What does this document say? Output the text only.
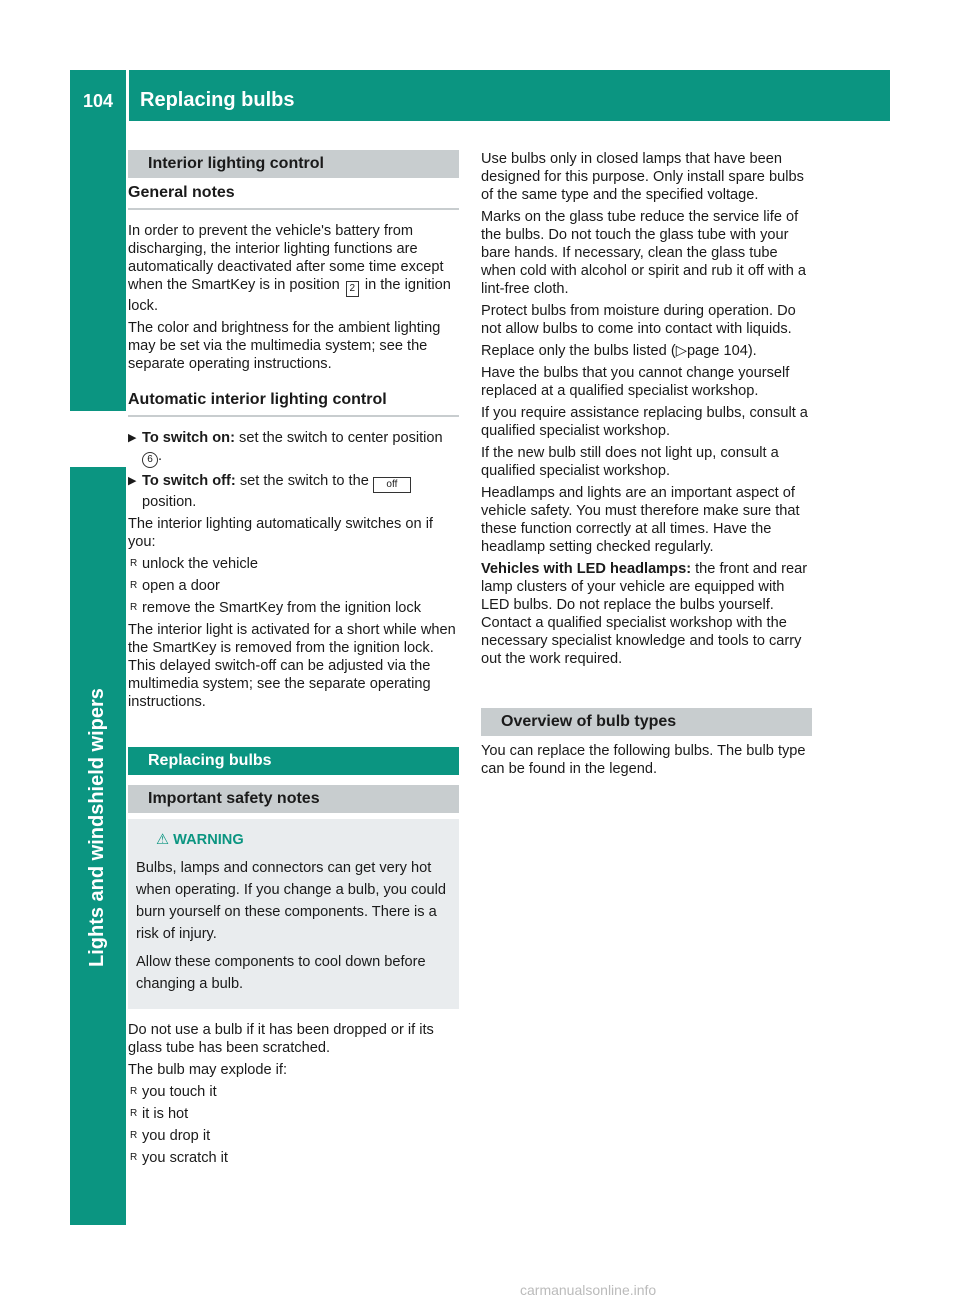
104	Replacing bulbs
Lights and windshield wipers
Interior lighting control
General notes

In order to prevent the vehicle's battery from discharging, the interior lighting functions are automatically deactivated after some time except when the SmartKey is in position 2 in the ignition lock.

The color and brightness for the ambient lighting may be set via the multimedia system; see the separate operating instructions.

Automatic interior lighting control
▶ To switch on: set the switch to center position 6 .
▶ To switch off: set the switch to the off position.

The interior lighting automatically switches on if you:

R unlock the vehicle
R open a door
R remove the SmartKey from the ignition lock

The interior light is activated for a short while when the SmartKey is removed from the ignition lock. This delayed switch-off can be adjusted via the multimedia system; see the separate operating instructions.

Replacing bulbs
Important safety notes
⚠ WARNING

Bulbs, lamps and connectors can get very hot when operating. If you change a bulb, you could burn yourself on these components. There is a risk of injury.

Allow these components to cool down before changing a bulb.

Do not use a bulb if it has been dropped or if its glass tube has been scratched.

The bulb may explode if:

R you touch it
R it is hot
R you drop it
R you scratch it

Use bulbs only in closed lamps that have been designed for this purpose. Only install spare bulbs of the same type and the specified voltage.

Marks on the glass tube reduce the service life of the bulbs. Do not touch the glass tube with your bare hands. If necessary, clean the glass tube when cold with alcohol or spirit and rub it off with a lint-free cloth.

Protect bulbs from moisture during operation. Do not allow bulbs to come into contact with liquids.

Replace only the bulbs listed (▷page 104).

Have the bulbs that you cannot change yourself replaced at a qualified specialist workshop.

If you require assistance replacing bulbs, consult a qualified specialist workshop.

If the new bulb still does not light up, consult a qualified specialist workshop.

Headlamps and lights are an important aspect of vehicle safety. You must therefore make sure that these function correctly at all times. Have the headlamp setting checked regularly.

Vehicles with LED headlamps: the front and rear lamp clusters of your vehicle are equipped with LED bulbs. Do not replace the bulbs yourself. Contact a qualified specialist workshop with the necessary specialist knowledge and tools to carry out the work required.

Overview of bulb types

You can replace the following bulbs. The bulb type can be found in the legend.

carmanualsonline.info
